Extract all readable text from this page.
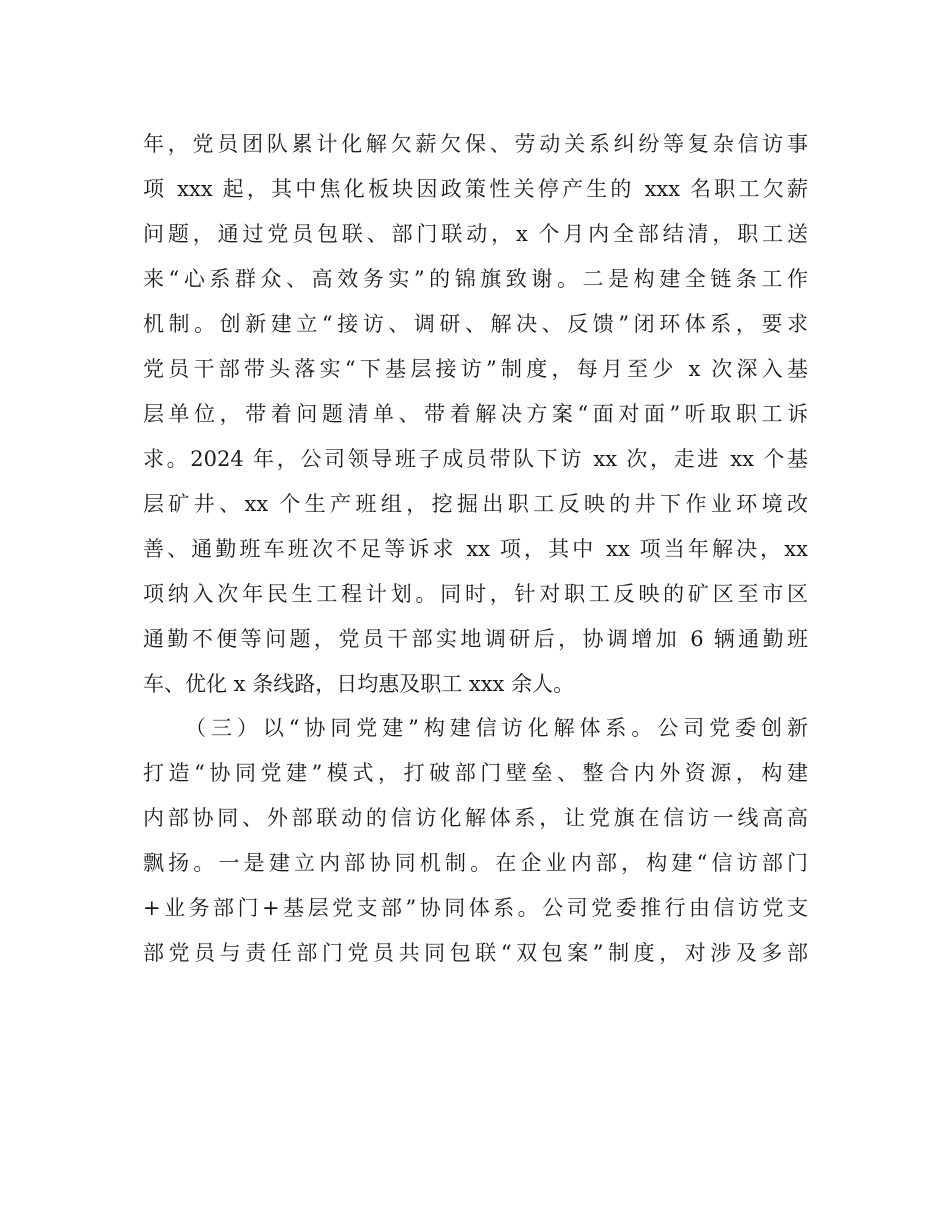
年，党员团队累计化解欠薪欠保、劳动关系纠纷等复杂信访事
项 xxx 起，其中焦化板块因政策性关停产生的 xxx 名职工欠薪
问题，通过党员包联、部门联动，x 个月内全部结清，职工送
来“心系群众、高效务实”的锦旗致谢。二是构建全链条工作
机制。创新建立“接访、调研、解决、反馈”闭环体系，要求
党员干部带头落实“下基层接访”制度，每月至少 x 次深入基
层单位，带着问题清单、带着解决方案“面对面”听取职工诉
求。2024 年，公司领导班子成员带队下访 xx 次，走进 xx 个基
层矿井、xx 个生产班组，挖掘出职工反映的井下作业环境改
善、通勤班车班次不足等诉求 xx 项，其中 xx 项当年解决，xx
项纳入次年民生工程计划。同时，针对职工反映的矿区至市区
通勤不便等问题，党员干部实地调研后，协调增加 6 辆通勤班
车、优化 x 条线路，日均惠及职工 xxx 余人。
（三）以“协同党建”构建信访化解体系。公司党委创新
打造“协同党建”模式，打破部门壁垒、整合内外资源，构建
内部协同、外部联动的信访化解体系，让党旗在信访一线高高
飘扬。一是建立内部协同机制。在企业内部，构建“信访部门
+业务部门+基层党支部”协同体系。公司党委推行由信访党支
部党员与责任部门党员共同包联“双包案”制度，对涉及多部
